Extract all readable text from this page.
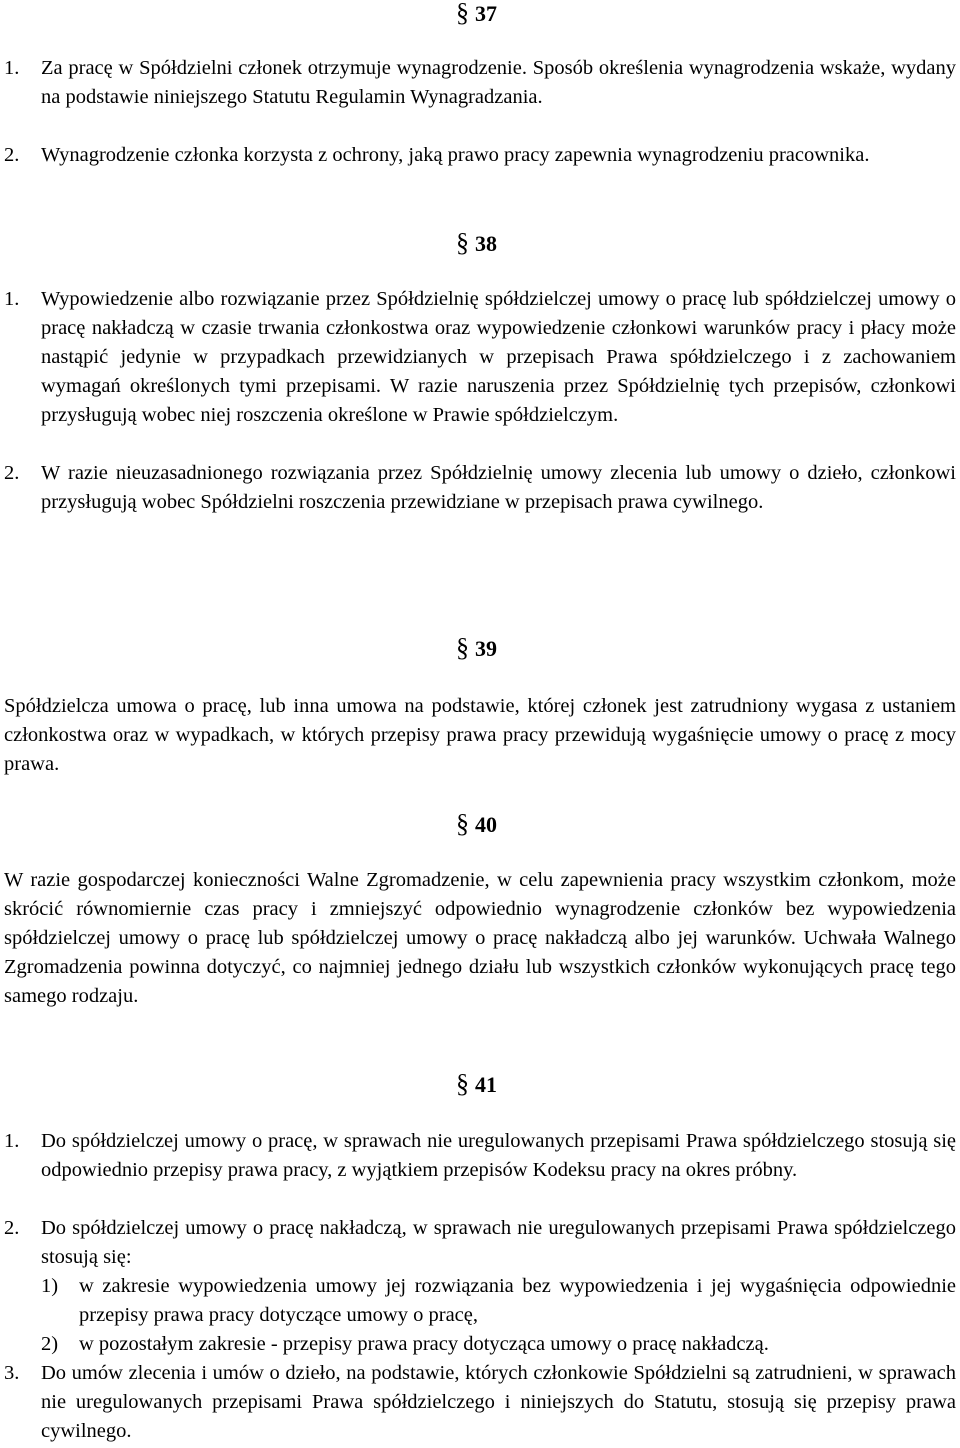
§ 37
1. Za pracę w Spółdzielni członek otrzymuje wynagrodzenie. Sposób określenia wynagrodzenia wskaże, wydany na podstawie niniejszego Statutu Regulamin Wynagradzania.
2. Wynagrodzenie członka korzysta z ochrony, jaką prawo pracy zapewnia wynagrodzeniu pracownika.
§ 38
1. Wypowiedzenie albo rozwiązanie przez Spółdzielnię spółdzielczej umowy o pracę lub spółdzielczej umowy o pracę nakładczą w czasie trwania członkostwa oraz wypowiedzenie członkowi warunków pracy i płacy może nastąpić jedynie w przypadkach przewidzianych w przepisach Prawa spółdzielczego i z zachowaniem wymagań określonych tymi przepisami. W razie naruszenia przez Spółdzielnię tych przepisów, członkowi przysługują wobec niej roszczenia określone w Prawie spółdzielczym.
2. W razie nieuzasadnionego rozwiązania przez Spółdzielnię umowy zlecenia lub umowy o dzieło, członkowi przysługują wobec Spółdzielni roszczenia przewidziane w przepisach prawa cywilnego.
§ 39
Spółdzielcza umowa o pracę, lub inna umowa na podstawie, której członek jest zatrudniony wygasa z ustaniem członkostwa oraz w wypadkach, w których przepisy prawa pracy przewidują wygaśnięcie umowy o pracę z mocy prawa.
§ 40
W razie gospodarczej konieczności Walne Zgromadzenie, w celu zapewnienia pracy wszystkim członkom, może skrócić równomiernie czas pracy i zmniejszyć odpowiednio wynagrodzenie członków bez wypowiedzenia spółdzielczej umowy o pracę lub spółdzielczej umowy o pracę nakładczą albo jej warunków. Uchwała Walnego Zgromadzenia powinna dotyczyć, co najmniej jednego działu lub wszystkich członków wykonujących pracę tego samego rodzaju.
§ 41
1. Do spółdzielczej umowy o pracę, w sprawach nie uregulowanych przepisami Prawa spółdzielczego stosują się odpowiednio przepisy prawa pracy, z wyjątkiem przepisów Kodeksu pracy na okres próbny.
2. Do spółdzielczej umowy o pracę nakładczą, w sprawach nie uregulowanych przepisami Prawa spółdzielczego stosują się:
1) w zakresie wypowiedzenia umowy jej rozwiązania bez wypowiedzenia i jej wygaśnięcia odpowiednie przepisy prawa pracy dotyczące umowy o pracę,
2) w pozostałym zakresie - przepisy prawa pracy dotycząca umowy o pracę nakładczą.
3. Do umów zlecenia i umów o dzieło, na podstawie, których członkowie Spółdzielni są zatrudnieni, w sprawach nie uregulowanych przepisami Prawa spółdzielczego i niniejszych do Statutu, stosują się przepisy prawa cywilnego.
